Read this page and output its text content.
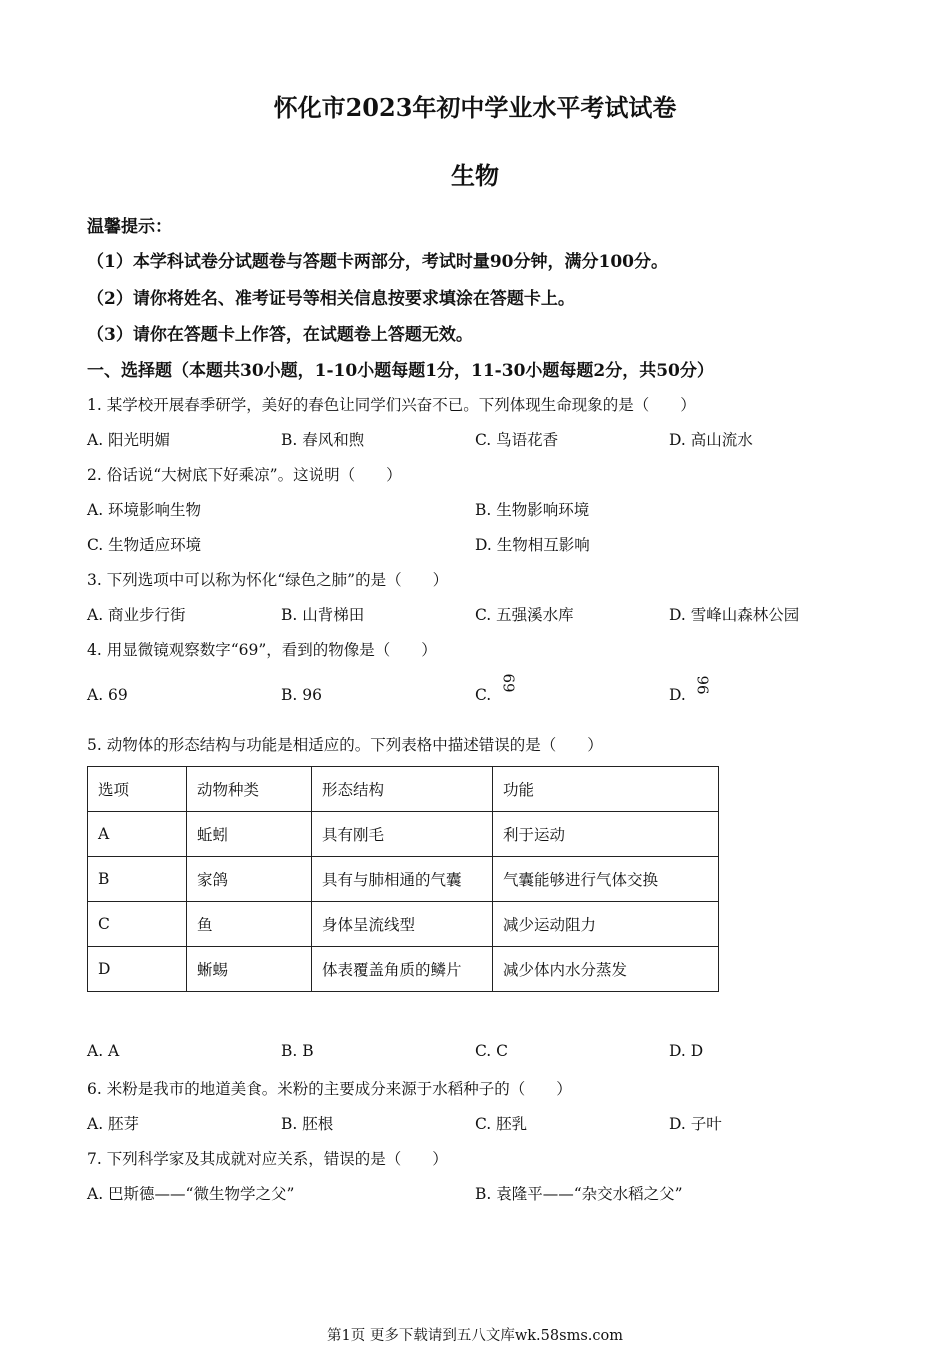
怀化市2023年初中学业水平考试试卷
生物
温馨提示：
（1）本学科试卷分试题卷与答题卡两部分，考试时量90分钟，满分100分。
（2）请你将姓名、准考证号等相关信息按要求填涂在答题卡上。
（3）请你在答题卡上作答，在试题卷上答题无效。
一、选择题（本题共30小题，1-10小题每题1分，11-30小题每题2分，共50分）
1. 某学校开展春季研学，美好的春色让同学们兴奋不已。下列体现生命现象的是（　　）
A. 阳光明媚	B. 春风和煦	C. 鸟语花香	D. 高山流水
2. 俗话说“大树底下好乘凉”。这说明（　　）
A. 环境影响生物	B. 生物影响环境
C. 生物适应环境	D. 生物相互影响
3. 下列选项中可以称为怀化“绿色之肺”的是（　　）
A. 商业步行街	B. 山背梯田	C. 五强溪水库	D. 雪峰山森林公园
4. 用显微镜观察数字“69”，看到的物像是（　　）
A. 69	B. 96	C.
69
D.
96
5. 动物体的形态结构与功能是相适应的。下列表格中描述错误的是（　　）
选项	动物种类	形态结构	功能
A	蚯蚓	具有刚毛	利于运动
B	家鸽	具有与肺相通的气囊	气囊能够进行气体交换
C	鱼	身体呈流线型	减少运动阻力
D	蜥蜴	体表覆盖角质的鳞片	减少体内水分蒸发
A. A	B. B	C. C	D. D
6. 米粉是我市的地道美食。米粉的主要成分来源于水稻种子的（　　）
A. 胚芽	B. 胚根	C. 胚乳	D. 子叶
7. 下列科学家及其成就对应关系，错误的是（　　）
A. 巴斯德——“微生物学之父”	B. 袁隆平——“杂交水稻之父”
第1页 更多下载请到五八文库wk.58sms.com
